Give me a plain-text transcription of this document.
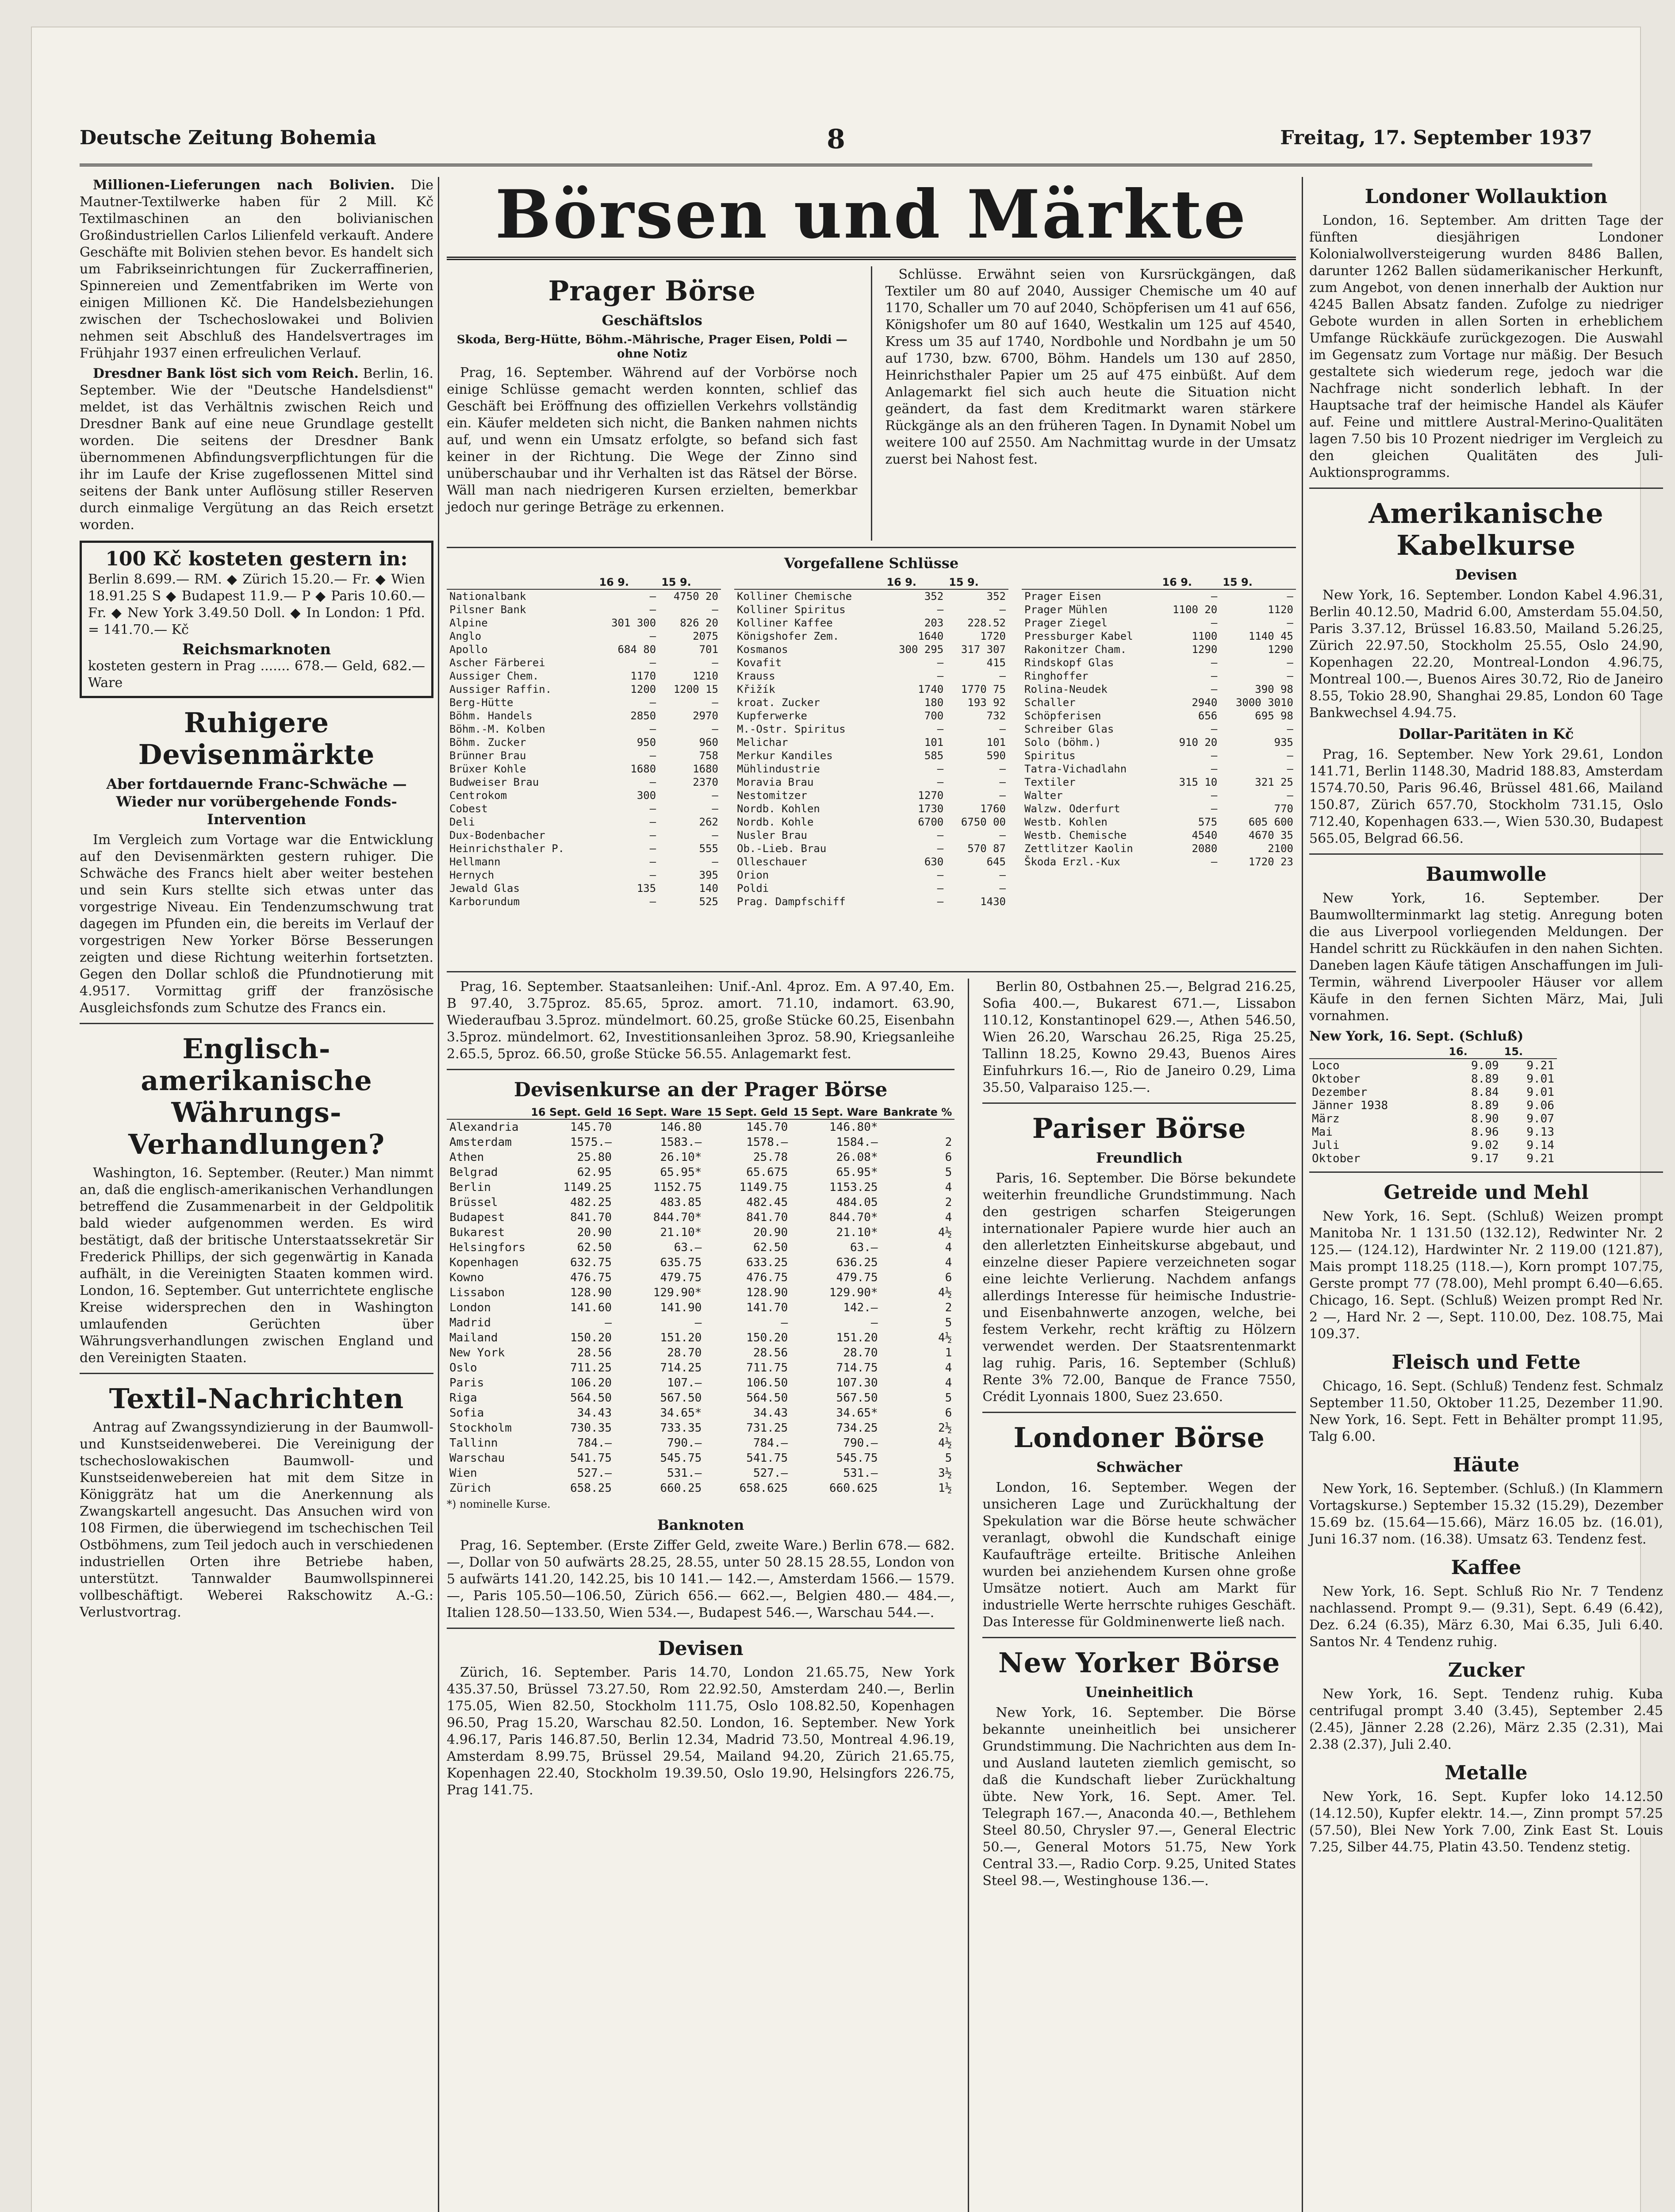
Deutsche Zeitung Bohemia	8	Freitag, 17. September 1937

Millionen-Lieferungen nach Bolivien. Die Mautner-Textilwerke haben für 2 Mill. Kč Textilmaschinen an den bolivianischen Großindustriellen Carlos Lilienfeld verkauft. Andere Geschäfte mit Bolivien stehen bevor. Es handelt sich um Fabrikseinrichtungen für Zuckerraffinerien, Spinnereien und Zementfabriken im Werte von einigen Millionen Kč. Die Handelsbeziehungen zwischen der Tschechoslowakei und Bolivien nehmen seit Abschluß des Handelsvertrages im Frühjahr 1937 einen erfreulichen Verlauf.

Dresdner Bank löst sich vom Reich. Berlin, 16. September. Wie der "Deutsche Handelsdienst" meldet, ist das Verhältnis zwischen Reich und Dresdner Bank auf eine neue Grundlage gestellt worden. Die seitens der Dresdner Bank übernommenen Abfindungsverpflichtungen für die ihr im Laufe der Krise zugeflossenen Mittel sind seitens der Bank unter Auflösung stiller Reserven durch einmalige Vergütung an das Reich ersetzt worden.

100 Kč kosteten gestern in:
Berlin 8.699.— RM. ◆ Zürich 15.20.— Fr. ◆ Wien 18.91.25 S ◆ Budapest 11.9.— P ◆ Paris 10.60.— Fr. ◆ New York 3.49.50 Doll. ◆ In London: 1 Pfd. = 141.70.— Kč
Reichsmarknoten
kosteten gestern in Prag ....... 678.— Geld, 682.— Ware
Ruhigere Devisenmärkte
Aber fortdauernde Franc-Schwäche — Wieder nur vorübergehende Fonds-Intervention

Im Vergleich zum Vortage war die Entwicklung auf den Devisenmärkten gestern ruhiger. Die Schwäche des Francs hielt aber weiter bestehen und sein Kurs stellte sich etwas unter das vorgestrige Niveau. Ein Tendenzumschwung trat dagegen im Pfunden ein, die bereits im Verlauf der vorgestrigen New Yorker Börse Besserungen zeigten und diese Richtung weiterhin fortsetzten. Gegen den Dollar schloß die Pfundnotierung mit 4.9517. Vormittag griff der französische Ausgleichsfonds zum Schutze des Francs ein.

Englisch-amerikanische Währungs-Verhandlungen?

Washington, 16. September. (Reuter.) Man nimmt an, daß die englisch-amerikanischen Verhandlungen betreffend die Zusammenarbeit in der Geldpolitik bald wieder aufgenommen werden. Es wird bestätigt, daß der britische Unterstaatssekretär Sir Frederick Phillips, der sich gegenwärtig in Kanada aufhält, in die Vereinigten Staaten kommen wird. London, 16. September. Gut unterrichtete englische Kreise widersprechen den in Washington umlaufenden Gerüchten über Währungsverhandlungen zwischen England und den Vereinigten Staaten.

Textil-Nachrichten

Antrag auf Zwangssyndizierung in der Baumwoll- und Kunstseidenweberei. Die Vereinigung der tschechoslowakischen Baumwoll- und Kunstseidenwebereien hat mit dem Sitze in Königgrätz hat um die Anerkennung als Zwangskartell angesucht. Das Ansuchen wird von 108 Firmen, die überwiegend im tschechischen Teil Ostböhmens, zum Teil jedoch auch in verschiedenen industriellen Orten ihre Betriebe haben, unterstützt. Tannwalder Baumwollspinnerei vollbeschäftigt. Weberei Rakschowitz A.-G.: Verlustvortrag.

Börsen und Märkte
Prager Börse
Geschäftslos
Skoda, Berg-Hütte, Böhm.-Mährische, Prager Eisen, Poldi — ohne Notiz

Prag, 16. September. Während auf der Vorbörse noch einige Schlüsse gemacht werden konnten, schlief das Geschäft bei Eröffnung des offiziellen Verkehrs vollständig ein. Käufer meldeten sich nicht, die Banken nahmen nichts auf, und wenn ein Umsatz erfolgte, so befand sich fast keiner in der Richtung. Die Wege der Zinno sind unüberschaubar und ihr Verhalten ist das Rätsel der Börse. Wäll man nach niedrigeren Kursen erzielten, bemerkbar jedoch nur geringe Beträge zu erkennen.

Schlüsse. Erwähnt seien von Kursrückgängen, daß Textiler um 80 auf 2040, Aussiger Chemische um 40 auf 1170, Schaller um 70 auf 2040, Schöpferisen um 41 auf 656, Königshofer um 80 auf 1640, Westkalin um 125 auf 4540, Kress um 35 auf 1740, Nordbohle und Nordbahn je um 50 auf 1730, bzw. 6700, Böhm. Handels um 130 auf 2850, Heinrichsthaler Papier um 25 auf 475 einbüßt. Auf dem Anlagemarkt fiel sich auch heute die Situation nicht geändert, da fast dem Kreditmarkt waren stärkere Rückgänge als an den früheren Tagen. In Dynamit Nobel um weitere 100 auf 2550. Am Nachmittag wurde in der Umsatz zuerst bei Nahost fest.

Vorgefallene Schlüsse
	16 9.	15 9.
Nationalbank	—	4750 20
Pilsner Bank	—	—
Alpine	301 300	826 20
Anglo	—	2075
Apollo	684 80	701
Ascher Färberei	—	—
Aussiger Chem.	1170	1210
Aussiger Raffin.	1200	1200 15
Berg-Hütte	—	—
Böhm. Handels	2850	2970
Böhm.-M. Kolben	—	—
Böhm. Zucker	950	960
Brünner Brau	—	758
Brüxer Kohle	1680	1680
Budweiser Brau	—	2370
Centrokom	300	—
Cobest	—	—
Deli	—	262
Dux-Bodenbacher	—	—
Heinrichsthaler P.	—	555
Hellmann	—	—
Hernych	—	395
Jewald Glas	135	140
Karborundum	—	525
	16 9.	15 9.
Kolliner Chemische	352	352
Kolliner Spiritus	—	—
Kolliner Kaffee	203	228.52
Königshofer Zem.	1640	1720
Kosmanos	300 295	317 307
Kovafit	—	415
Krauss	—	—
Křižík	1740	1770 75
kroat. Zucker	180	193 92
Kupferwerke	700	732
M.-Ostr. Spiritus	—	—
Melichar	101	101
Merkur Kandiles	585	590
Mühlindustrie	—	—
Moravia Brau	—	—
Nestomitzer	1270	—
Nordb. Kohlen	1730	1760
Nordb. Kohle	6700	6750 00
Nusler Brau	—	—
Ob.-Lieb. Brau	—	570 87
Olleschauer	630	645
Orion	—	—
Poldi	—	—
Prag. Dampfschiff	—	1430
	16 9.	15 9.
Prager Eisen	—	—
Prager Mühlen	1100 20	1120
Prager Ziegel	—	—
Pressburger Kabel	1100	1140 45
Rakonitzer Cham.	1290	1290
Rindskopf Glas	—	—
Ringhoffer	—	—
Rolina-Neudek	—	390 98
Schaller	2940	3000 3010
Schöpferisen	656	695 98
Schreiber Glas	—	—
Solo (böhm.)	910 20	935
Spiritus	—	—
Tatra-Vichadlahn	—	—
Textiler	315 10	321 25
Walter	—	—
Walzw. Oderfurt	—	770
Westb. Kohlen	575	605 600
Westb. Chemische	4540	4670 35
Zettlitzer Kaolin	2080	2100
Škoda Erzl.-Kux	—	1720 23

Prag, 16. September. Staatsanleihen: Unif.-Anl. 4proz. Em. A 97.40, Em. B 97.40, 3.75proz. 85.65, 5proz. amort. 71.10, indamort. 63.90, Wiederaufbau 3.5proz. mündelmort. 60.25, große Stücke 60.25, Eisenbahn 3.5proz. mündelmort. 62, Investitionsanleihen 3proz. 58.90, Kriegsanleihe 2.65.5, 5proz. 66.50, große Stücke 56.55. Anlagemarkt fest.

Devisenkurse an der Prager Börse
	16 Sept. Geld	16 Sept. Ware	15 Sept. Geld	15 Sept. Ware	Bankrate %
Alexandria	145.70	146.80	145.70	146.80*	
Amsterdam	1575.—	1583.—	1578.—	1584.—	2
Athen	25.80	26.10*	25.78	26.08*	6
Belgrad	62.95	65.95*	65.675	65.95*	5
Berlin	1149.25	1152.75	1149.75	1153.25	4
Brüssel	482.25	483.85	482.45	484.05	2
Budapest	841.70	844.70*	841.70	844.70*	4
Bukarest	20.90	21.10*	20.90	21.10*	4½
Helsingfors	62.50	63.—	62.50	63.—	4
Kopenhagen	632.75	635.75	633.25	636.25	4
Kowno	476.75	479.75	476.75	479.75	6
Lissabon	128.90	129.90*	128.90	129.90*	4½
London	141.60	141.90	141.70	142.—	2
Madrid	—	—	—	—	5
Mailand	150.20	151.20	150.20	151.20	4½
New York	28.56	28.70	28.56	28.70	1
Oslo	711.25	714.25	711.75	714.75	4
Paris	106.20	107.—	106.50	107.30	4
Riga	564.50	567.50	564.50	567.50	5
Sofia	34.43	34.65*	34.43	34.65*	6
Stockholm	730.35	733.35	731.25	734.25	2½
Tallinn	784.—	790.—	784.—	790.—	4½
Warschau	541.75	545.75	541.75	545.75	5
Wien	527.—	531.—	527.—	531.—	3½
Zürich	658.25	660.25	658.625	660.625	1½
*) nominelle Kurse.
Banknoten

Prag, 16. September. (Erste Ziffer Geld, zweite Ware.) Berlin 678.— 682.—, Dollar von 50 aufwärts 28.25, 28.55, unter 50 28.15 28.55, London von 5 aufwärts 141.20, 142.25, bis 10 141.— 142.—, Amsterdam 1566.— 1579.—, Paris 105.50—106.50, Zürich 656.— 662.—, Belgien 480.— 484.—, Italien 128.50—133.50, Wien 534.—, Budapest 546.—, Warschau 544.—.

Devisen

Zürich, 16. September. Paris 14.70, London 21.65.75, New York 435.37.50, Brüssel 73.27.50, Rom 22.92.50, Amsterdam 240.—, Berlin 175.05, Wien 82.50, Stockholm 111.75, Oslo 108.82.50, Kopenhagen 96.50, Prag 15.20, Warschau 82.50. London, 16. September. New York 4.96.17, Paris 146.87.50, Berlin 12.34, Madrid 73.50, Montreal 4.96.19, Amsterdam 8.99.75, Brüssel 29.54, Mailand 94.20, Zürich 21.65.75, Kopenhagen 22.40, Stockholm 19.39.50, Oslo 19.90, Helsingfors 226.75, Prag 141.75.

Berlin 80, Ostbahnen 25.—, Belgrad 216.25, Sofia 400.—, Bukarest 671.—, Lissabon 110.12, Konstantinopel 629.—, Athen 546.50, Wien 26.20, Warschau 26.25, Riga 25.25, Tallinn 18.25, Kowno 29.43, Buenos Aires Einfuhrkurs 16.—, Rio de Janeiro 0.29, Lima 35.50, Valparaiso 125.—.

Pariser Börse
Freundlich

Paris, 16. September. Die Börse bekundete weiterhin freundliche Grundstimmung. Nach den gestrigen scharfen Steigerungen internationaler Papiere wurde hier auch an den allerletzten Einheitskurse abgebaut, und einzelne dieser Papiere verzeichneten sogar eine leichte Verlierung. Nachdem anfangs allerdings Interesse für heimische Industrie- und Eisenbahnwerte anzogen, welche, bei festem Verkehr, recht kräftig zu Hölzern verwendet werden. Der Staatsrentenmarkt lag ruhig. Paris, 16. September (Schluß) Rente 3% 72.00, Banque de France 7550, Crédit Lyonnais 1800, Suez 23.650.

Londoner Börse
Schwächer

London, 16. September. Wegen der unsicheren Lage und Zurückhaltung der Spekulation war die Börse heute schwächer veranlagt, obwohl die Kundschaft einige Kaufaufträge erteilte. Britische Anleihen wurden bei anziehendem Kursen ohne große Umsätze notiert. Auch am Markt für industrielle Werte herrschte ruhiges Geschäft. Das Interesse für Goldminenwerte ließ nach.

New Yorker Börse
Uneinheitlich

New York, 16. September. Die Börse bekannte uneinheitlich bei unsicherer Grundstimmung. Die Nachrichten aus dem In- und Ausland lauteten ziemlich gemischt, so daß die Kundschaft lieber Zurückhaltung übte. New York, 16. Sept. Amer. Tel. Telegraph 167.—, Anaconda 40.—, Bethlehem Steel 80.50, Chrysler 97.—, General Electric 50.—, General Motors 51.75, New York Central 33.—, Radio Corp. 9.25, United States Steel 98.—, Westinghouse 136.—.

Londoner Wollauktion

London, 16. September. Am dritten Tage der fünften diesjährigen Londoner Kolonialwollversteigerung wurden 8486 Ballen, darunter 1262 Ballen südamerikanischer Herkunft, zum Angebot, von denen innerhalb der Auktion nur 4245 Ballen Absatz fanden. Zufolge zu niedriger Gebote wurden in allen Sorten in erheblichem Umfange Rückkäufe zurückgezogen. Die Auswahl im Gegensatz zum Vortage nur mäßig. Der Besuch gestaltete sich wiederum rege, jedoch war die Nachfrage nicht sonderlich lebhaft. In der Hauptsache traf der heimische Handel als Käufer auf. Feine und mittlere Austral-Merino-Qualitäten lagen 7.50 bis 10 Prozent niedriger im Vergleich zu den gleichen Qualitäten des Juli-Auktionsprogramms.

Amerikanische Kabelkurse
Devisen

New York, 16. September. London Kabel 4.96.31, Berlin 40.12.50, Madrid 6.00, Amsterdam 55.04.50, Paris 3.37.12, Brüssel 16.83.50, Mailand 5.26.25, Zürich 22.97.50, Stockholm 25.55, Oslo 24.90, Kopenhagen 22.20, Montreal-London 4.96.75, Montreal 100.—, Buenos Aires 30.72, Rio de Janeiro 8.55, Tokio 28.90, Shanghai 29.85, London 60 Tage Bankwechsel 4.94.75.

Dollar-Paritäten in Kč

Prag, 16. September. New York 29.61, London 141.71, Berlin 1148.30, Madrid 188.83, Amsterdam 1574.70.50, Paris 96.46, Brüssel 481.66, Mailand 150.87, Zürich 657.70, Stockholm 731.15, Oslo 712.40, Kopenhagen 633.—, Wien 530.30, Budapest 565.05, Belgrad 66.56.

Baumwolle

New York, 16. September. Der Baumwollterminmarkt lag stetig. Anregung boten die aus Liverpool vorliegenden Meldungen. Der Handel schritt zu Rückkäufen in den nahen Sichten. Daneben lagen Käufe tätigen Anschaffungen im Juli-Termin, während Liverpooler Häuser vor allem Käufe in den fernen Sichten März, Mai, Juli vornahmen.

New York, 16. Sept. (Schluß)
	16.	15.
Loco	9.09	9.21
Oktober	8.89	9.01
Dezember	8.84	9.01
Jänner 1938	8.89	9.06
März	8.90	9.07
Mai	8.96	9.13
Juli	9.02	9.14
Oktober	9.17	9.21
Getreide und Mehl

New York, 16. Sept. (Schluß) Weizen prompt Manitoba Nr. 1 131.50 (132.12), Redwinter Nr. 2 125.— (124.12), Hardwinter Nr. 2 119.00 (121.87), Mais prompt 118.25 (118.—), Korn prompt 107.75, Gerste prompt 77 (78.00), Mehl prompt 6.40—6.65. Chicago, 16. Sept. (Schluß) Weizen prompt Red Nr. 2 —, Hard Nr. 2 —, Sept. 110.00, Dez. 108.75, Mai 109.37.

Fleisch und Fette

Chicago, 16. Sept. (Schluß) Tendenz fest. Schmalz September 11.50, Oktober 11.25, Dezember 11.90. New York, 16. Sept. Fett in Behälter prompt 11.95, Talg 6.00.

Häute

New York, 16. September. (Schluß.) (In Klammern Vortagskurse.) September 15.32 (15.29), Dezember 15.69 bz. (15.64—15.66), März 16.05 bz. (16.01), Juni 16.37 nom. (16.38). Umsatz 63. Tendenz fest.

Kaffee

New York, 16. Sept. Schluß Rio Nr. 7 Tendenz nachlassend. Prompt 9.— (9.31), Sept. 6.49 (6.42), Dez. 6.24 (6.35), März 6.30, Mai 6.35, Juli 6.40. Santos Nr. 4 Tendenz ruhig.

Zucker

New York, 16. Sept. Tendenz ruhig. Kuba centrifugal prompt 3.40 (3.45), September 2.45 (2.45), Jänner 2.28 (2.26), März 2.35 (2.31), Mai 2.38 (2.37), Juli 2.40.

Metalle

New York, 16. Sept. Kupfer loko 14.12.50 (14.12.50), Kupfer elektr. 14.—, Zinn prompt 57.25 (57.50), Blei New York 7.00, Zink East St. Louis 7.25, Silber 44.75, Platin 43.50. Tendenz stetig.
